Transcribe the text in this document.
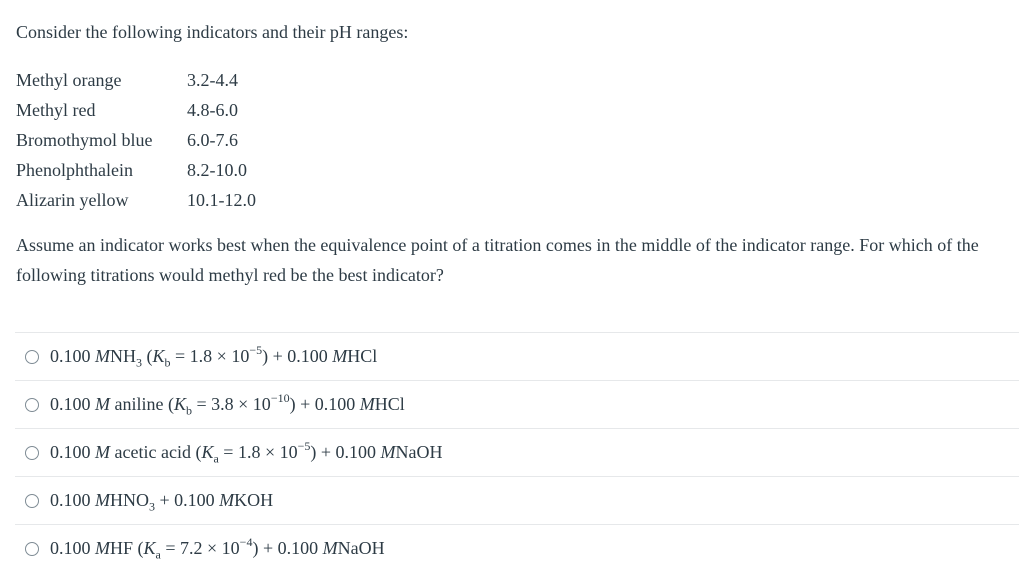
Consider the following indicators and their pH ranges:

Methyl orange	3.2-4.4
Methyl red	4.8-6.0
Bromothymol blue	6.0-7.6
Phenolphthalein	8.2-10.0
Alizarin yellow	10.1-12.0

Assume an indicator works best when the equivalence point of a titration comes in the middle of the indicator range. For which of the following titrations would methyl red be the best indicator?

0.100 $MNH_3$ $(K_b = 1.8 \times 10^{-5}) + 0.100$ MHCl
0.100 M aniline $(K_b = 3.8 \times 10^{-10}) + 0.100$ MHCl
0.100 M acetic acid $(K_a = 1.8 \times 10^{-5}) + 0.100$ MNaOH
0.100 $MHNO_3 + 0.100$ MKOH
0.100 MHF $(K_a = 7.2 \times 10^{-4}) + 0.100$ MNaOH
